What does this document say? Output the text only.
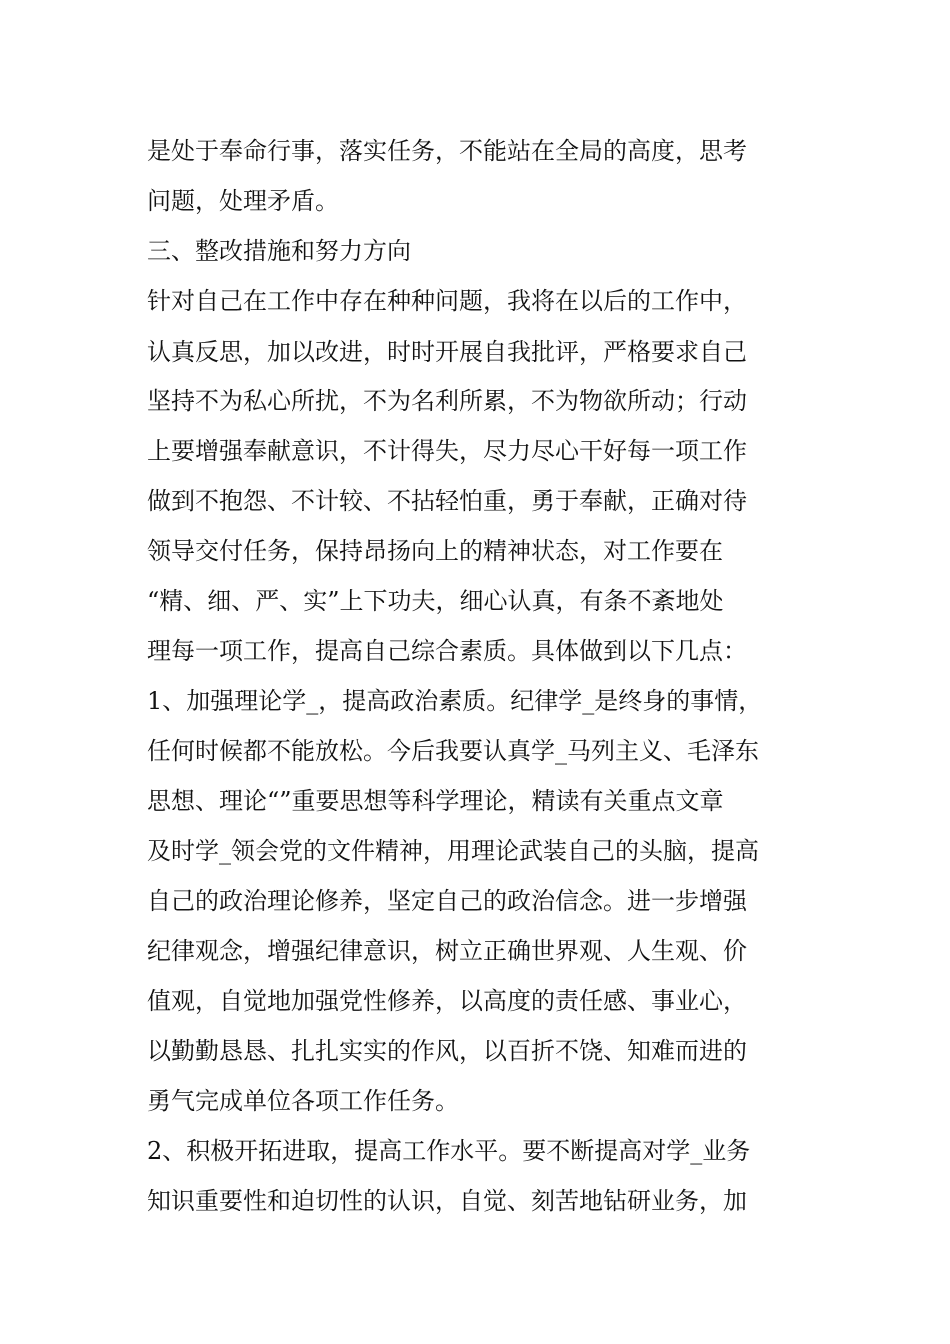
是处于奉命行事，落实任务，不能站在全局的高度，思考

问题，处理矛盾。

三、整改措施和努力方向

针对自己在工作中存在种种问题，我将在以后的工作中，

认真反思，加以改进，时时开展自我批评，严格要求自己

坚持不为私心所扰，不为名利所累，不为物欲所动；行动

上要增强奉献意识，不计得失，尽力尽心干好每一项工作

做到不抱怨、不计较、不拈轻怕重，勇于奉献，正确对待

领导交付任务，保持昂扬向上的精神状态，对工作要在

“精、细、严、实”上下功夫，细心认真，有条不紊地处

理每一项工作，提高自己综合素质。具体做到以下几点：

1、加强理论学_，提高政治素质。纪律学_是终身的事情，

任何时候都不能放松。今后我要认真学_马列主义、毛泽东

思想、理论“”重要思想等科学理论，精读有关重点文章

及时学_领会党的文件精神，用理论武装自己的头脑，提高

自己的政治理论修养，坚定自己的政治信念。进一步增强

纪律观念，增强纪律意识，树立正确世界观、人生观、价

值观，自觉地加强党性修养，以高度的责任感、事业心，

以勤勤恳恳、扎扎实实的作风，以百折不饶、知难而进的

勇气完成单位各项工作任务。

2、积极开拓进取，提高工作水平。要不断提高对学_业务

知识重要性和迫切性的认识，自觉、刻苦地钻研业务，加
